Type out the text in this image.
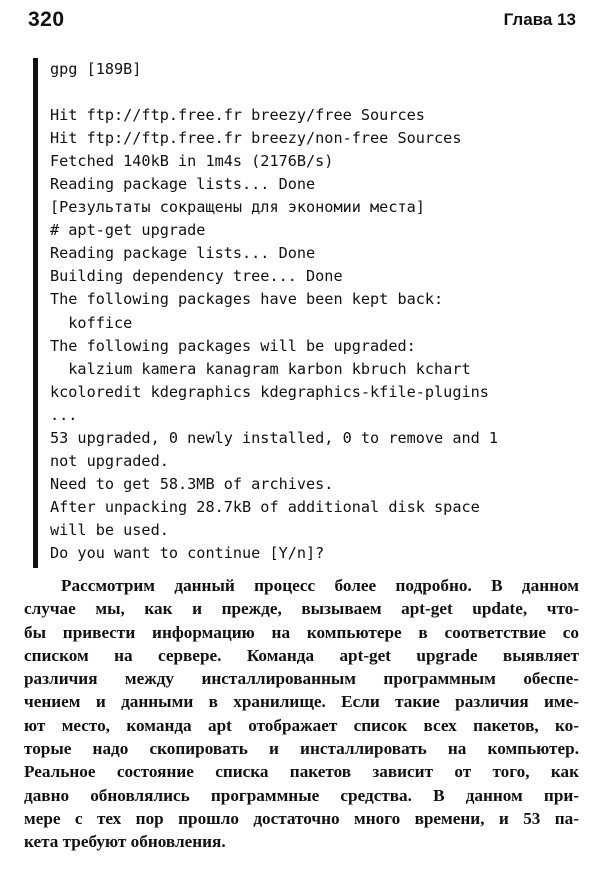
320	Глава 13
gpg [189B]
Hit ftp://ftp.free.fr breezy/free Sources
Hit ftp://ftp.free.fr breezy/non-free Sources
Fetched 140kB in 1m4s (2176B/s)
Reading package lists... Done
[Результаты сокращены для экономии места]
# apt-get upgrade
Reading package lists... Done
Building dependency tree... Done
The following packages have been kept back:
koffice
The following packages will be upgraded:
kalzium kamera kanagram karbon kbruch kchart
kcoloredit kdegraphics kdegraphics-kfile-plugins
...
53 upgraded, 0 newly installed, 0 to remove and 1
not upgraded.
Need to get 58.3MB of archives.
After unpacking 28.7kB of additional disk space
will be used.
Do you want to continue [Y/n]?
Рассмотрим данный процесс более подробно. В данном
случае мы, как и прежде, вызываем apt-get update, что-
бы привести информацию на компьютере в соответствие со
списком на сервере. Команда apt-get upgrade выявляет
различия между инсталлированным программным обеспе-
чением и данными в хранилище. Если такие различия име-
ют место, команда apt отображает список всех пакетов, ко-
торые надо скопировать и инсталлировать на компьютер.
Реальное состояние списка пакетов зависит от того, как
давно обновлялись программные средства. В данном при-
мере с тех пор прошло достаточно много времени, и 53 па-
кета требуют обновления.
